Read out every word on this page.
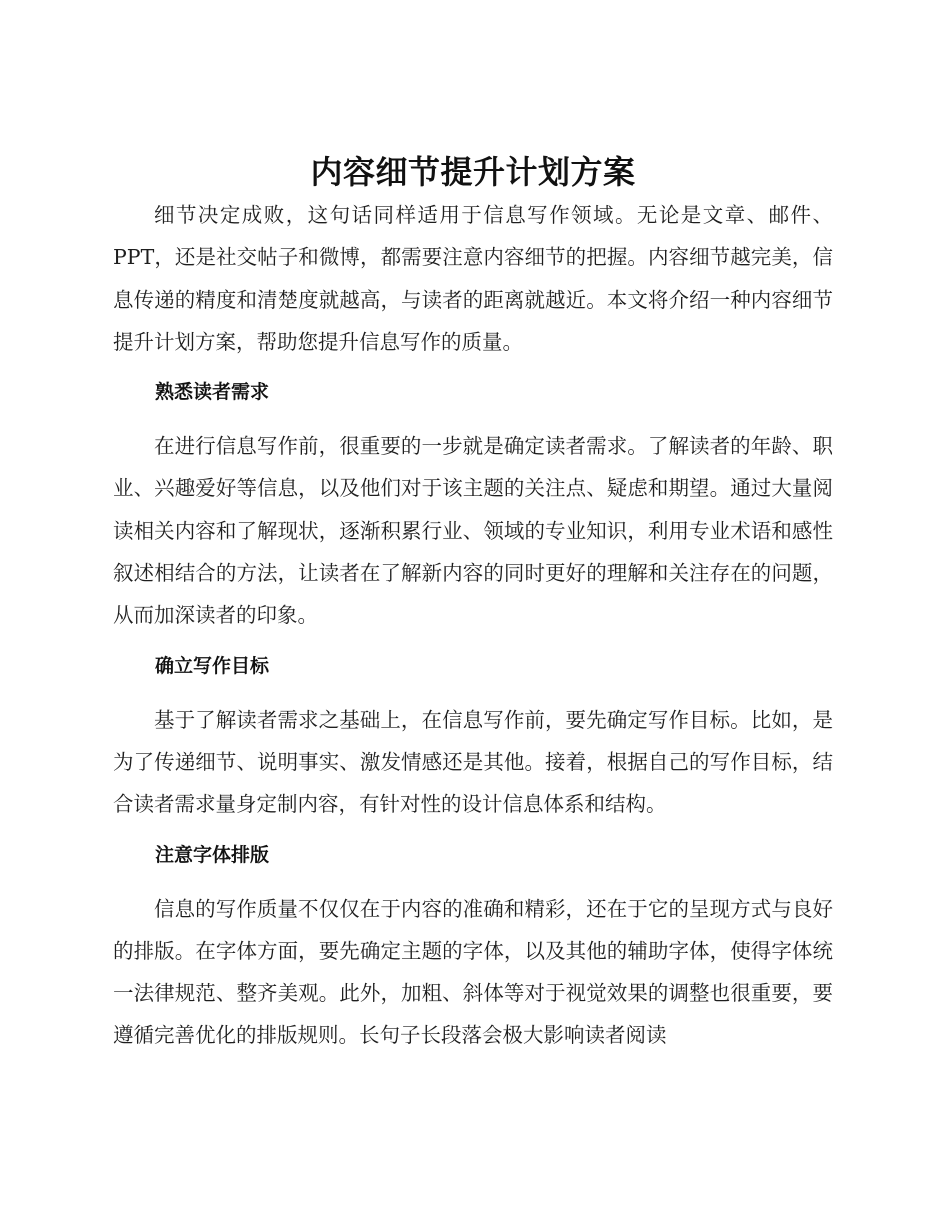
内容细节提升计划方案

细节决定成败，这句话同样适用于信息写作领域。无论是文章、邮件、PPT，还是社交帖子和微博，都需要注意内容细节的把握。内容细节越完美，信息传递的精度和清楚度就越高，与读者的距离就越近。本文将介绍一种内容细节提升计划方案，帮助您提升信息写作的质量。

熟悉读者需求

在进行信息写作前，很重要的一步就是确定读者需求。了解读者的年龄、职业、兴趣爱好等信息，以及他们对于该主题的关注点、疑虑和期望。通过大量阅读相关内容和了解现状，逐渐积累行业、领域的专业知识，利用专业术语和感性叙述相结合的方法，让读者在了解新内容的同时更好的理解和关注存在的问题，从而加深读者的印象。

确立写作目标

基于了解读者需求之基础上，在信息写作前，要先确定写作目标。比如，是为了传递细节、说明事实、激发情感还是其他。接着，根据自己的写作目标，结合读者需求量身定制内容，有针对性的设计信息体系和结构。

注意字体排版

信息的写作质量不仅仅在于内容的准确和精彩，还在于它的呈现方式与良好的排版。在字体方面，要先确定主题的字体，以及其他的辅助字体，使得字体统一法律规范、整齐美观。此外，加粗、斜体等对于视觉效果的调整也很重要，要遵循完善优化的排版规则。长句子长段落会极大影响读者阅读
